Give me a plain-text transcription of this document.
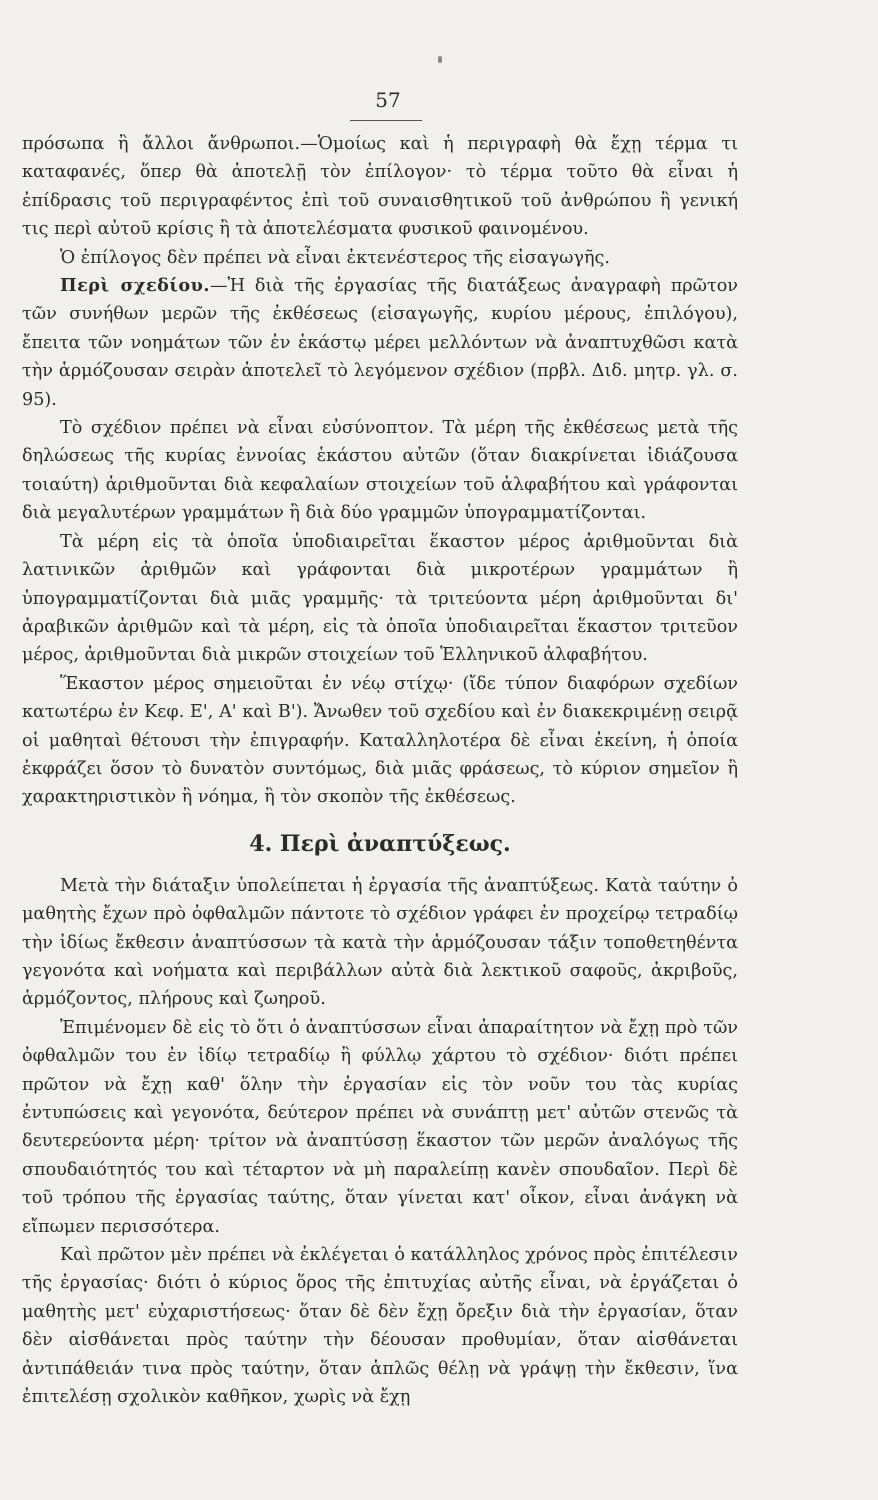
57

πρόσωπα ἢ ἄλλοι ἄνθρωποι.—Ὁμοίως καὶ ἡ περιγραφὴ θὰ ἔχῃ τέρμα τι καταφανές, ὅπερ θὰ ἀποτελῇ τὸν ἐπίλογον· τὸ τέρμα τοῦτο θὰ εἶναι ἡ ἐπίδρασις τοῦ περιγραφέντος ἐπὶ τοῦ συναισθητικοῦ τοῦ ἀνθρώπου ἢ γενική τις περὶ αὐτοῦ κρίσις ἢ τὰ ἀποτελέσματα φυσικοῦ φαινομένου.

Ὁ ἐπίλογος δὲν πρέπει νὰ εἶναι ἐκτενέστερος τῆς εἰσαγωγῆς.

Περὶ σχεδίου.—Ἡ διὰ τῆς ἐργασίας τῆς διατάξεως ἀναγραφὴ πρῶτον τῶν συνήθων μερῶν τῆς ἐκθέσεως (εἰσαγωγῆς, κυρίου μέρους, ἐπιλόγου), ἔπειτα τῶν νοημάτων τῶν ἐν ἑκάστῳ μέρει μελλόντων νὰ ἀναπτυχθῶσι κατὰ τὴν ἁρμόζουσαν σειρὰν ἀποτελεῖ τὸ λεγόμενον σχέδιον (πρβλ. Διδ. μητρ. γλ. σ. 95).

Τὸ σχέδιον πρέπει νὰ εἶναι εὐσύνοπτον. Τὰ μέρη τῆς ἐκθέσεως μετὰ τῆς δηλώσεως τῆς κυρίας ἐννοίας ἑκάστου αὐτῶν (ὅταν διακρίνεται ἰδιάζουσα τοιαύτη) ἀριθμοῦνται διὰ κεφαλαίων στοιχείων τοῦ ἀλφαβήτου καὶ γράφονται διὰ μεγαλυτέρων γραμμάτων ἢ διὰ δύο γραμμῶν ὑπογραμματίζονται.

Τὰ μέρη εἰς τὰ ὁποῖα ὑποδιαιρεῖται ἕκαστον μέρος ἀριθμοῦνται διὰ λατινικῶν ἀριθμῶν καὶ γράφονται διὰ μικροτέρων γραμμάτων ἢ ὑπογραμματίζονται διὰ μιᾶς γραμμῆς· τὰ τριτεύοντα μέρη ἀριθμοῦνται δι' ἀραβικῶν ἀριθμῶν καὶ τὰ μέρη, εἰς τὰ ὁποῖα ὑποδιαιρεῖται ἕκαστον τριτεῦον μέρος, ἀριθμοῦνται διὰ μικρῶν στοιχείων τοῦ Ἑλληνικοῦ ἀλφαβήτου.

Ἕκαστον μέρος σημειοῦται ἐν νέῳ στίχῳ· (ἴδε τύπον διαφόρων σχεδίων κατωτέρω ἐν Κεφ. Ε', Α' καὶ Β'). Ἄνωθεν τοῦ σχεδίου καὶ ἐν διακεκριμένῃ σειρᾷ οἱ μαθηταὶ θέτουσι τὴν ἐπιγραφήν. Καταλληλοτέρα δὲ εἶναι ἐκείνη, ἡ ὁποία ἐκφράζει ὅσον τὸ δυνατὸν συντόμως, διὰ μιᾶς φράσεως, τὸ κύριον σημεῖον ἢ χαρακτηριστικὸν ἢ νόημα, ἢ τὸν σκοπὸν τῆς ἐκθέσεως.

4. Περὶ ἀναπτύξεως.

Μετὰ τὴν διάταξιν ὑπολείπεται ἡ ἐργασία τῆς ἀναπτύξεως. Κατὰ ταύτην ὁ μαθητὴς ἔχων πρὸ ὀφθαλμῶν πάντοτε τὸ σχέδιον γράφει ἐν προχείρῳ τετραδίῳ τὴν ἰδίως ἔκθεσιν ἀναπτύσσων τὰ κατὰ τὴν ἁρμόζουσαν τάξιν τοποθετηθέντα γεγονότα καὶ νοήματα καὶ περιβάλλων αὐτὰ διὰ λεκτικοῦ σαφοῦς, ἀκριβοῦς, ἁρμόζοντος, πλήρους καὶ ζωηροῦ.

Ἐπιμένομεν δὲ εἰς τὸ ὅτι ὁ ἀναπτύσσων εἶναι ἀπαραίτητον νὰ ἔχῃ πρὸ τῶν ὀφθαλμῶν του ἐν ἰδίῳ τετραδίῳ ἢ φύλλῳ χάρτου τὸ σχέδιον· διότι πρέπει πρῶτον νὰ ἔχῃ καθ' ὅλην τὴν ἐργασίαν εἰς τὸν νοῦν του τὰς κυρίας ἐντυπώσεις καὶ γεγονότα, δεύτερον πρέπει νὰ συνάπτῃ μετ' αὐτῶν στενῶς τὰ δευτερεύοντα μέρη· τρίτον νὰ ἀναπτύσσῃ ἕκαστον τῶν μερῶν ἀναλόγως τῆς σπουδαιότητός του καὶ τέταρτον νὰ μὴ παραλείπῃ κανὲν σπουδαῖον. Περὶ δὲ τοῦ τρόπου τῆς ἐργασίας ταύτης, ὅταν γίνεται κατ' οἶκον, εἶναι ἀνάγκη νὰ εἴπωμεν περισσότερα.

Καὶ πρῶτον μὲν πρέπει νὰ ἐκλέγεται ὁ κατάλληλος χρόνος πρὸς ἐπιτέλεσιν τῆς ἐργασίας· διότι ὁ κύριος ὅρος τῆς ἐπιτυχίας αὐτῆς εἶναι, νὰ ἐργάζεται ὁ μαθητὴς μετ' εὐχαριστήσεως· ὅταν δὲ δὲν ἔχῃ ὄρεξιν διὰ τὴν ἐργασίαν, ὅταν δὲν αἰσθάνεται πρὸς ταύτην τὴν δέουσαν προθυμίαν, ὅταν αἰσθάνεται ἀντιπάθειάν τινα πρὸς ταύτην, ὅταν ἁπλῶς θέλῃ νὰ γράψῃ τὴν ἔκθεσιν, ἵνα ἐπιτελέσῃ σχολικὸν καθῆκον, χωρὶς νὰ ἔχῃ
